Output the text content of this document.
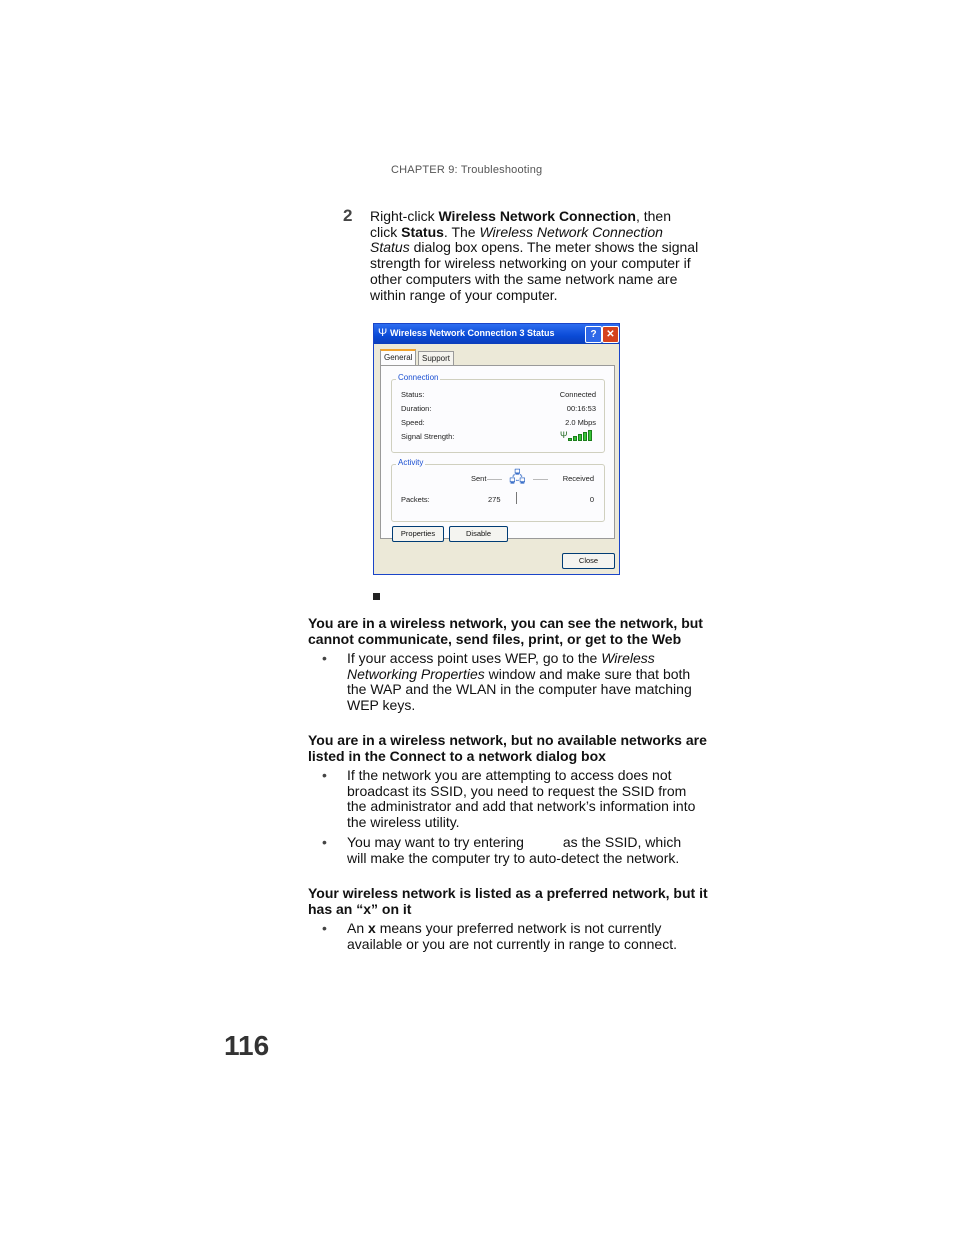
CHAPTER 9: Troubleshooting
2 Right-click Wireless Network Connection, then click Status. The Wireless Network Connection Status dialog box opens. The meter shows the signal strength for wireless networking on your computer if other computers with the same network name are within range of your computer.
Ψ Wireless Network Connection 3 Status	? ✕
General	Support
Connection
Status:	Connected
Duration:	00:16:53
Speed:	2.0 Mbps
Signal Strength:	Ψ
Activity
Sent —— 🖧 —— Received
Packets:	275	0
Properties	Disable
Close
You are in a wireless network, you can see the network, but cannot communicate, send files, print, or get to the Web
• If your access point uses WEP, go to the Wireless Networking Properties window and make sure that both the WAP and the WLAN in the computer have matching WEP keys.
You are in a wireless network, but no available networks are listed in the Connect to a network dialog box
• If the network you are attempting to access does not broadcast its SSID, you need to request the SSID from the administrator and add that network’s information into the wireless utility.
• You may want to try entering	as the SSID, which will make the computer try to auto-detect the network.
Your wireless network is listed as a preferred network, but it has an “x” on it
• An x means your preferred network is not currently available or you are not currently in range to connect.
116
